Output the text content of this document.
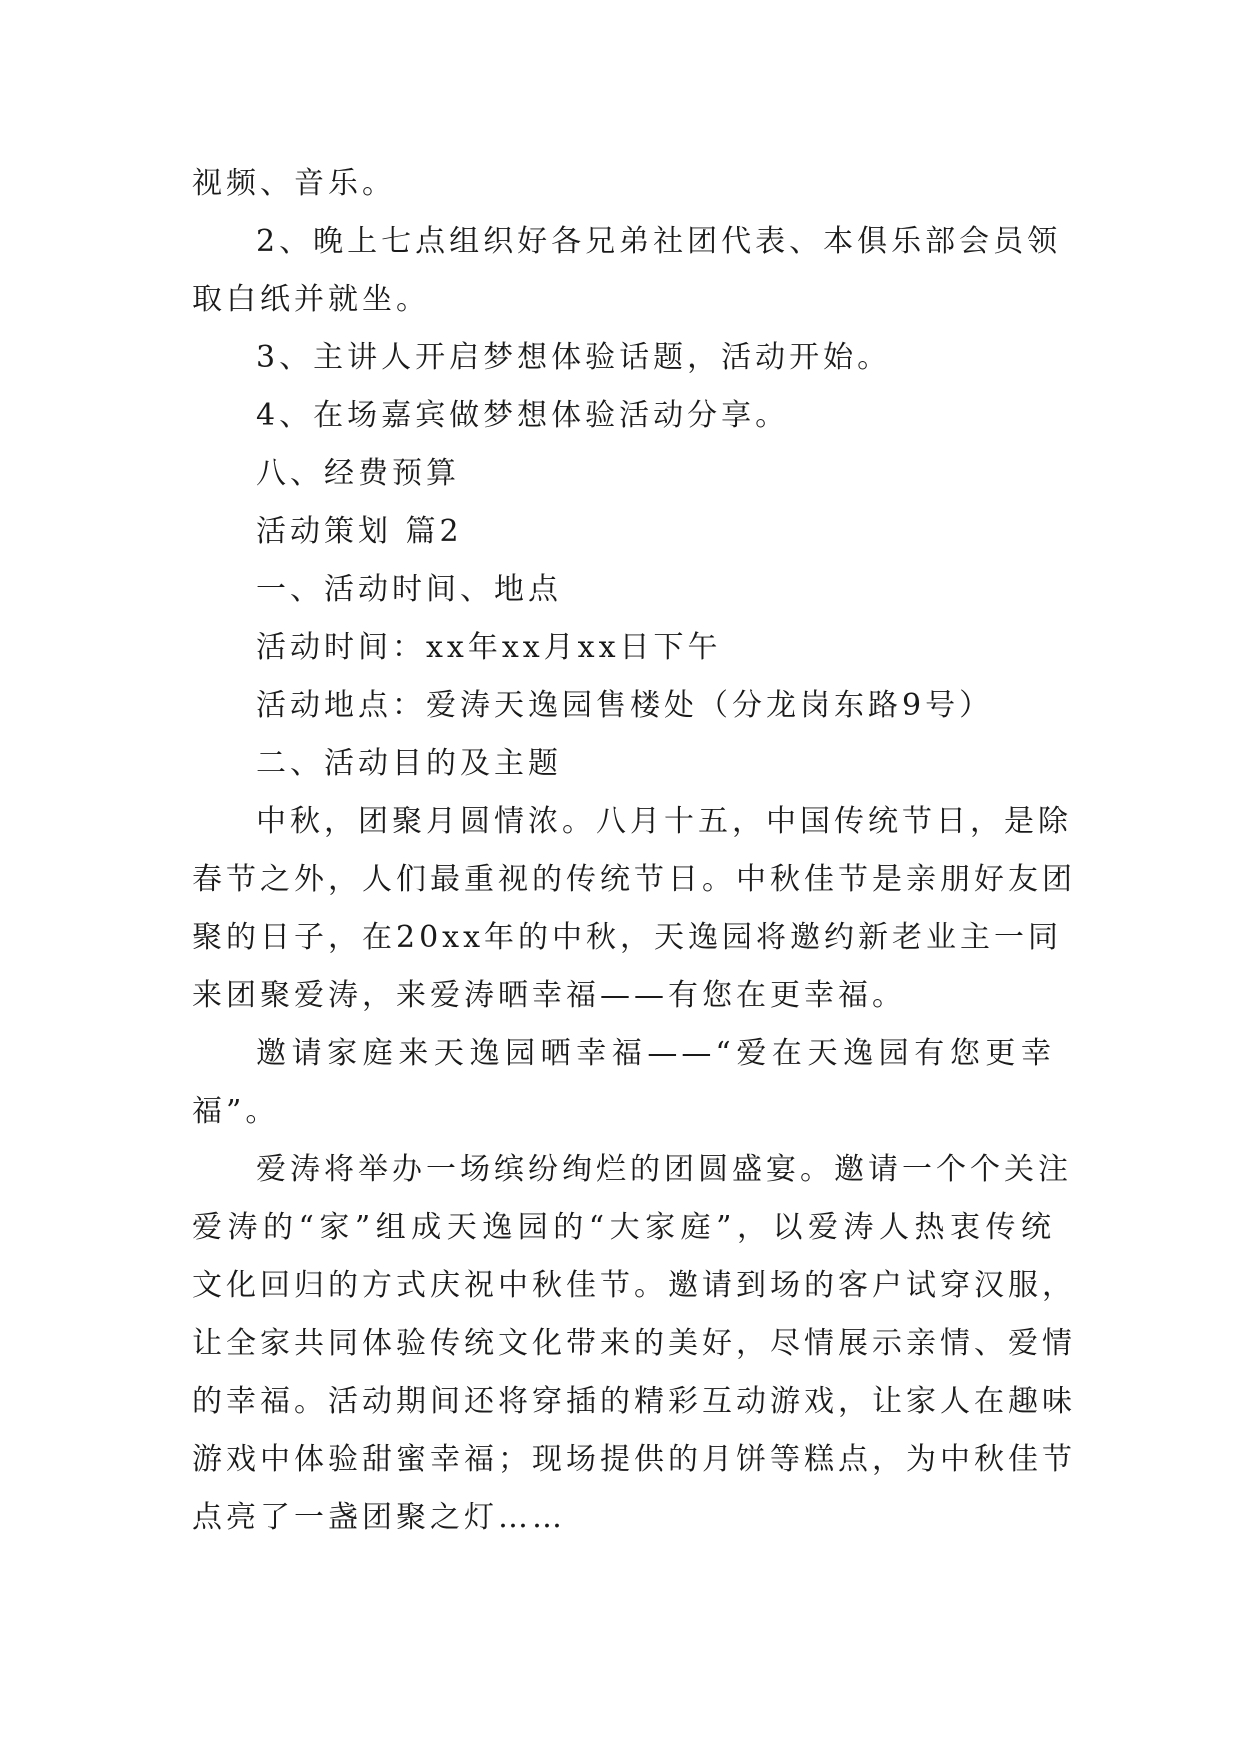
视频、音乐。
2、晚上七点组织好各兄弟社团代表、本俱乐部会员领
取白纸并就坐。
3、主讲人开启梦想体验话题，活动开始。
4、在场嘉宾做梦想体验活动分享。
八、经费预算
活动策划 篇2
一、活动时间、地点
活动时间：xx年xx月xx日下午
活动地点：爱涛天逸园售楼处（分龙岗东路9号）
二、活动目的及主题
中秋，团聚月圆情浓。八月十五，中国传统节日，是除
春节之外，人们最重视的传统节日。中秋佳节是亲朋好友团
聚的日子，在20xx年的中秋，天逸园将邀约新老业主一同
来团聚爱涛，来爱涛晒幸福——有您在更幸福。
邀请家庭来天逸园晒幸福——“爱在天逸园有您更幸
福”。
爱涛将举办一场缤纷绚烂的团圆盛宴。邀请一个个关注
爱涛的“家”组成天逸园的“大家庭”，以爱涛人热衷传统
文化回归的方式庆祝中秋佳节。邀请到场的客户试穿汉服，
让全家共同体验传统文化带来的美好，尽情展示亲情、爱情
的幸福。活动期间还将穿插的精彩互动游戏，让家人在趣味
游戏中体验甜蜜幸福；现场提供的月饼等糕点，为中秋佳节
点亮了一盏团聚之灯……
